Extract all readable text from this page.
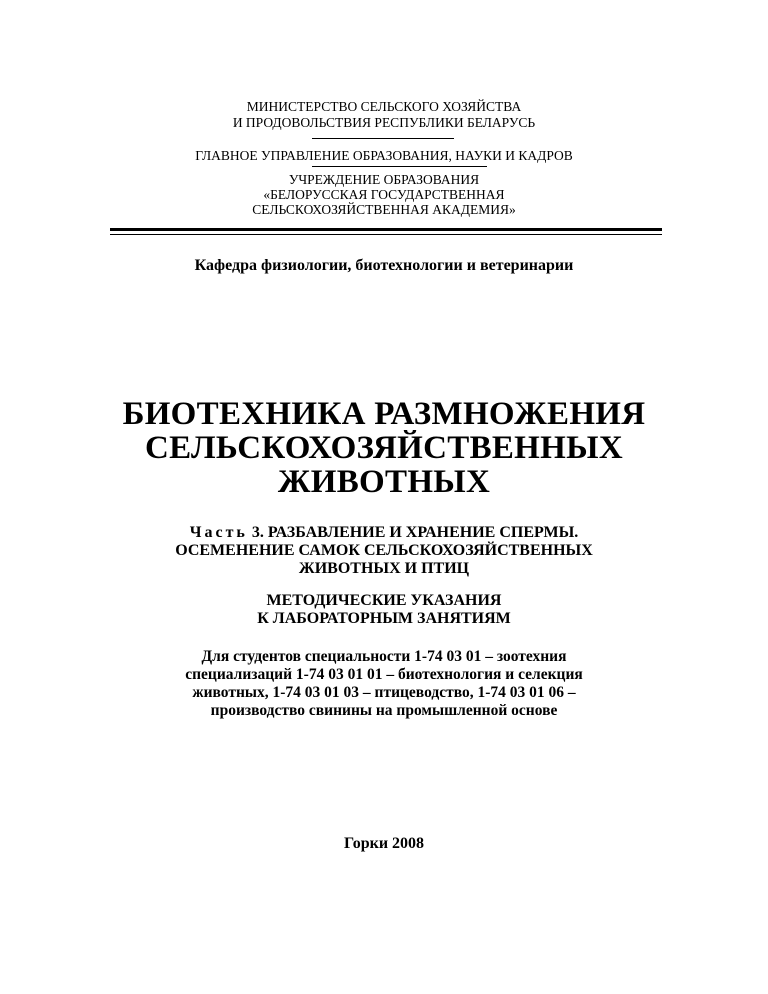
МИНИСТЕРСТВО СЕЛЬСКОГО ХОЗЯЙСТВА
И ПРОДОВОЛЬСТВИЯ РЕСПУБЛИКИ БЕЛАРУСЬ
ГЛАВНОЕ УПРАВЛЕНИЕ ОБРАЗОВАНИЯ, НАУКИ И КАДРОВ
УЧРЕЖДЕНИЕ ОБРАЗОВАНИЯ
«БЕЛОРУССКАЯ ГОСУДАРСТВЕННАЯ
СЕЛЬСКОХОЗЯЙСТВЕННАЯ АКАДЕМИЯ»
Кафедра физиологии, биотехнологии и ветеринарии
БИОТЕХНИКА РАЗМНОЖЕНИЯ
СЕЛЬСКОХОЗЯЙСТВЕННЫХ
ЖИВОТНЫХ
Часть 3. РАЗБАВЛЕНИЕ И ХРАНЕНИЕ СПЕРМЫ.
ОСЕМЕНЕНИЕ САМОК СЕЛЬСКОХОЗЯЙСТВЕННЫХ
ЖИВОТНЫХ И ПТИЦ
МЕТОДИЧЕСКИЕ УКАЗАНИЯ
К ЛАБОРАТОРНЫМ ЗАНЯТИЯМ
Для студентов специальности 1-74 03 01 – зоотехния
специализаций 1-74 03 01 01 – биотехнология и селекция
животных, 1-74 03 01 03 – птицеводство, 1-74 03 01 06 –
производство свинины на промышленной основе
Горки 2008
